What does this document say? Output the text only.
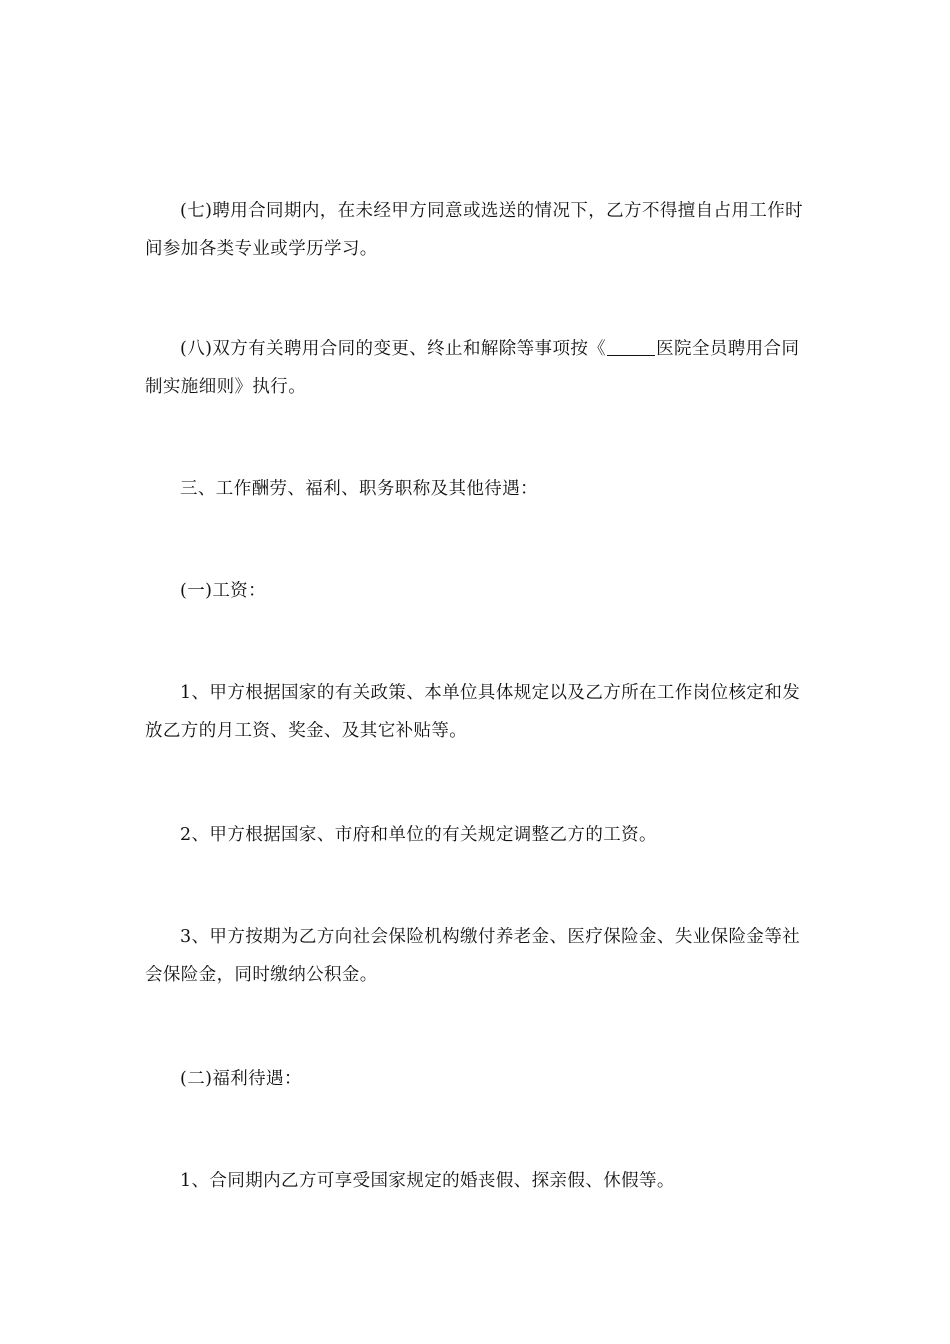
(七)聘用合同期内，在未经甲方同意或选送的情况下，乙方不得擅自占用工作时间参加各类专业或学历学习。

(八)双方有关聘用合同的变更、终止和解除等事项按《	医院全员聘用合同制实施细则》执行。

三、工作酬劳、福利、职务职称及其他待遇：

(一)工资：

1、甲方根据国家的有关政策、本单位具体规定以及乙方所在工作岗位核定和发放乙方的月工资、奖金、及其它补贴等。

2、甲方根据国家、市府和单位的有关规定调整乙方的工资。

3、甲方按期为乙方向社会保险机构缴付养老金、医疗保险金、失业保险金等社会保险金，同时缴纳公积金。

(二)福利待遇：

1、合同期内乙方可享受国家规定的婚丧假、探亲假、休假等。
